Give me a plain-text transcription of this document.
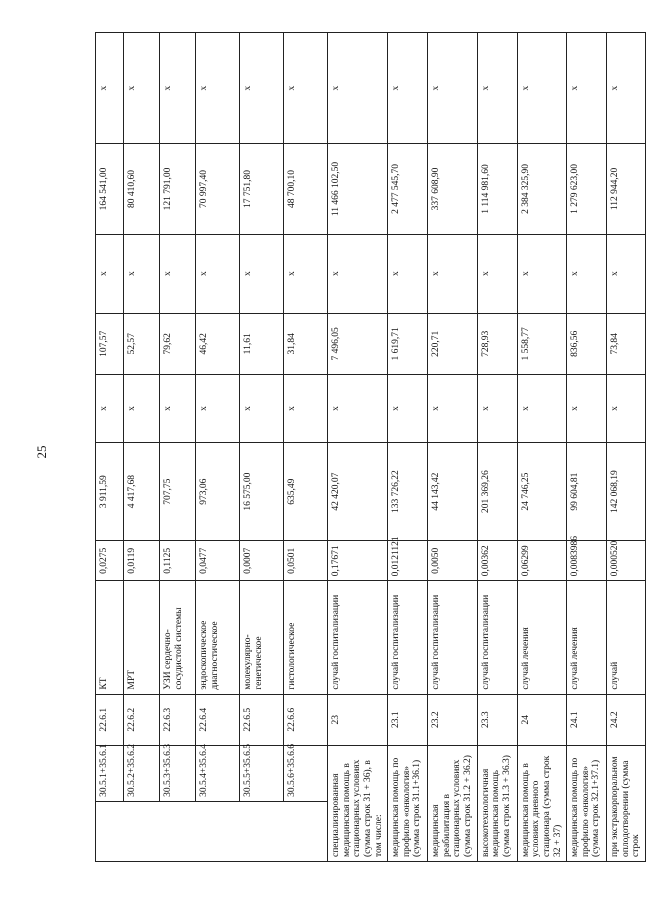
25
	30.5.1+35.6.1	22.6.1	КТ	0,0275	3 911,59	х	107,57	х	164 541,00	х
	30.5.2+35.6.2	22.6.2	МРТ	0,0119	4 417,68	х	52,57	х	80 410,60	х
	30.5.3+35.6.3	22.6.3	УЗИ сердечно-сосудистой системы	0,1125	707,75	х	79,62	х	121 791,00	х
	30.5.4+35.6.4	22.6.4	эндоскопическое диагностическое	0,0477	973,06	х	46,42	х	70 997,40	х
	30.5.5+35.6.5	22.6.5	молекулярно-генетическое	0,0007	16 575,00	х	11,61	х	17 751,80	х
	30.5.6+35.6.6	22.6.6	гистологическое	0,0501	635,49	х	31,84	х	48 700,10	х
специализированная медицинская помощь в стационарных условиях (сумма строк 31 + 36), в том числе:		23	случай госпитализации	0,17671	42 420,07	х	7 496,05	х	11 466 102,50	х
медицинская помощь по профилю «онкология» (сумма строк 31.1+36.1)		23.1	случай госпитализации	0,0121121	133 726,22	х	1 619,71	х	2 477 545,70	х
медицинская реабилитация в стационарных условиях (сумма строк 31.2 + 36.2)		23.2	случай госпитализации	0,0050	44 143,42	х	220,71	х	337 608,90	х
высокотехнологичная медицинская помощь (сумма строк 31.3 + 36.3)		23.3	случай госпитализации	0,00362	201 369,26	х	728,93	х	1 114 981,60	х
медицинская помощь в условиях дневного стационара (сумма строк 32 + 37)		24	случай лечения	0,06299	24 746,25	х	1 558,77	х	2 384 325,90	х
медицинская помощь по профилю «онкология» (сумма строк 32.1+37.1)		24.1	случай лечения	0,0083986	99 604,81	х	836,56	х	1 279 623,00	х
при экстракорпоральном оплодотворении (сумма строк		24.2	случай	0,000520	142 068,19	х	73,84	х	112 944,20	х
